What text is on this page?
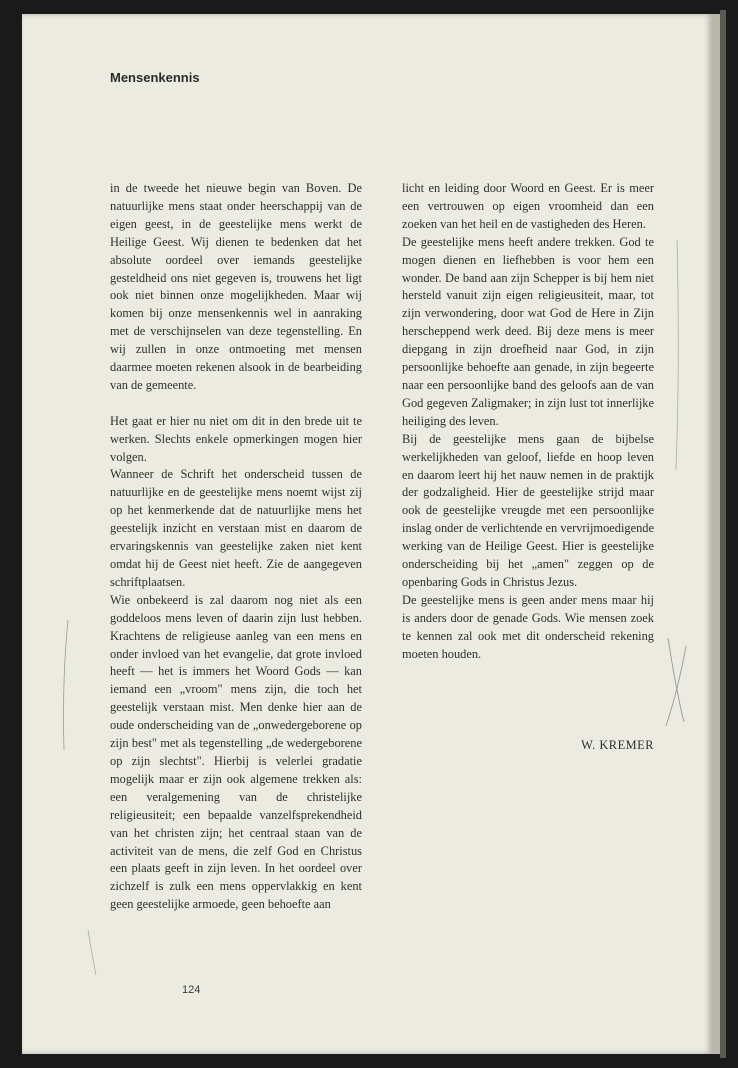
Mensenkennis

in de tweede het nieuwe begin van Boven. De natuurlijke mens staat onder heerschappij van de eigen geest, in de geestelijke mens werkt de Heilige Geest. Wij dienen te bedenken dat het absolute oordeel over iemands geestelijke gesteldheid ons niet gegeven is, trouwens het ligt ook niet binnen onze mogelijkheden. Maar wij komen bij onze mensenkennis wel in aanraking met de verschijnselen van deze tegenstelling. En wij zullen in onze ontmoeting met mensen daarmee moeten rekenen alsook in de bearbeiding van de gemeente.

Het gaat er hier nu niet om dit in den brede uit te werken. Slechts enkele opmerkingen mogen hier volgen.

Wanneer de Schrift het onderscheid tussen de natuurlijke en de geestelijke mens noemt wijst zij op het kenmerkende dat de natuurlijke mens het geestelijk inzicht en verstaan mist en daarom de ervaringskennis van geestelijke zaken niet kent omdat hij de Geest niet heeft. Zie de aangegeven schriftplaatsen.

Wie onbekeerd is zal daarom nog niet als een goddeloos mens leven of daarin zijn lust hebben. Krachtens de religieuse aanleg van een mens en onder invloed van het evangelie, dat grote invloed heeft — het is immers het Woord Gods — kan iemand een „vroom" mens zijn, die toch het geestelijk verstaan mist. Men denke hier aan de oude onderscheiding van de „onwedergeborene op zijn best" met als tegenstelling „de wedergeborene op zijn slechtst". Hierbij is velerlei gradatie mogelijk maar er zijn ook algemene trekken als: een veralgemening van de christelijke religieusiteit; een bepaalde vanzelfsprekendheid van het christen zijn; het centraal staan van de activiteit van de mens, die zelf God en Christus een plaats geeft in zijn leven. In het oordeel over zichzelf is zulk een mens oppervlakkig en kent geen geestelijke armoede, geen behoefte aan

licht en leiding door Woord en Geest. Er is meer een vertrouwen op eigen vroomheid dan een zoeken van het heil en de vastigheden des Heren.

De geestelijke mens heeft andere trekken. God te mogen dienen en liefhebben is voor hem een wonder. De band aan zijn Schepper is bij hem niet hersteld vanuit zijn eigen religieusiteit, maar, tot zijn verwondering, door wat God de Here in Zijn herscheppend werk deed. Bij deze mens is meer diepgang in zijn droefheid naar God, in zijn persoonlijke behoefte aan genade, in zijn begeerte naar een persoonlijke band des geloofs aan de van God gegeven Zaligmaker; in zijn lust tot innerlijke heiliging des leven.

Bij de geestelijke mens gaan de bijbelse werkelijkheden van geloof, liefde en hoop leven en daarom leert hij het nauw nemen in de praktijk der godzaligheid. Hier de geestelijke strijd maar ook de geestelijke vreugde met een persoonlijke inslag onder de verlichtende en vervrijmoedigende werking van de Heilige Geest. Hier is geestelijke onderscheiding bij het „amen" zeggen op de openbaring Gods in Christus Jezus.

De geestelijke mens is geen ander mens maar hij is anders door de genade Gods. Wie mensen zoek te kennen zal ook met dit onderscheid rekening moeten houden.

W. KREMER
124
